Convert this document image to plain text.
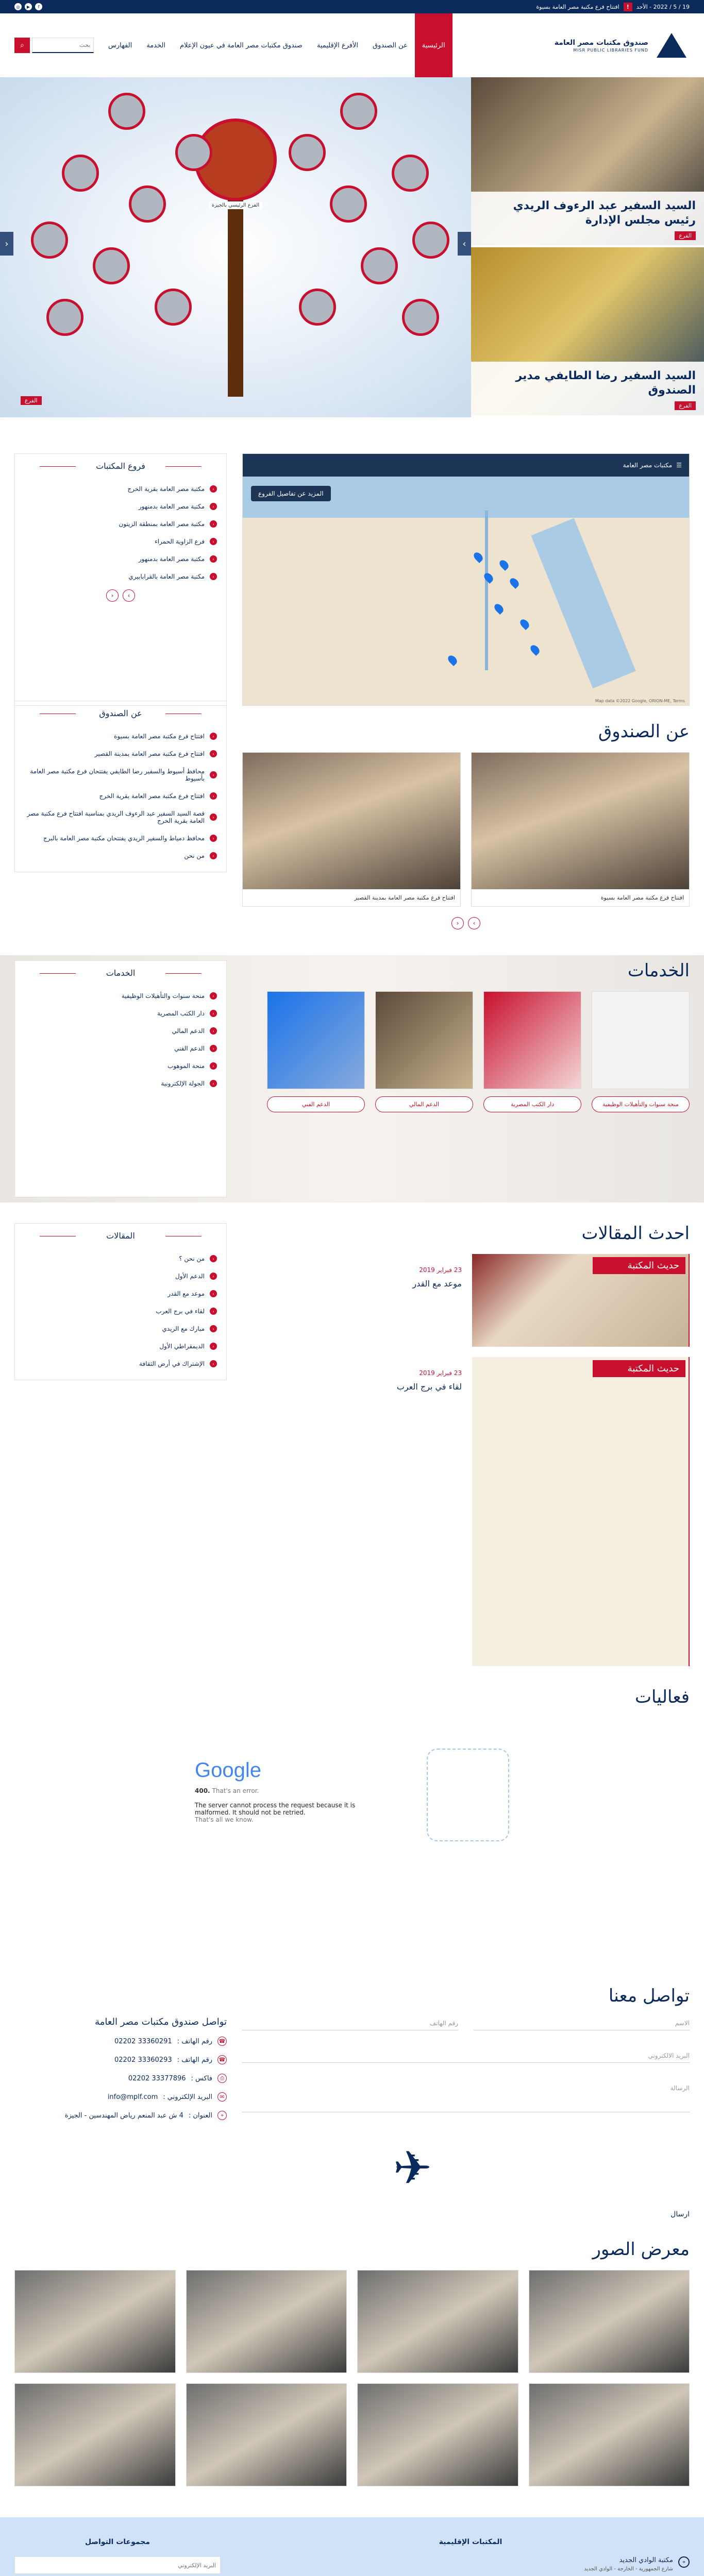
19 / 5 / 2022 - الأحد
!
افتتاح فرع مكتبة مصر العامة بسيوة
f
▶
◎
صندوق مكتبات مصر العامة
MISR PUBLIC LIBRARIES FUND
الرئيسية
عن الصندوق
الأفرع الإقليمية
صندوق مكتبات مصر العامة في عيون الإعلام
الخدمة
الفهارس
بحث
⌕
السيد السفير عبد الرءوف الريدي رئيس مجلس الإدارة
الفرع
السيد السفير رضا الطايفي مدير الصندوق
الفرع
الفرع الرئيسي بالجيزة
›
‹
الفرع
☰
مكتبات مصر العامة
المزيد عن تفاصيل الفروع
Map data ©2022 Google, ORION-ME, Terms
فروع المكتبات
‹
مكتبة مصر العامة بقرية الخرج
‹
مكتبة مصر العامة بدمنهور
‹
مكتبة مصر العامة بمنطقة الزيتون
‹
فرع الزاوية الحمراء
‹
مكتبة مصر العامة بدمنهور
‹
مكتبة مصر العامة بالقرابابيري
›
‹
عن الصندوق
افتتاح فرع مكتبة مصر العامة بسيوة
افتتاح فرع مكتبة مصر العامة بمدينة القصير
›
‹
عن الصندوق
‹
افتتاح فرع مكتبة مصر العامة بسيوة
‹
افتتاح فرع مكتبة مصر العامة بمدينة القصير
‹
محافظ أسيوط والسفير رضا الطايفي يفتتحان فرع مكتبة مصر العامة بأسيوط
‹
افتتاح فرع مكتبة مصر العامة بقرية الخرج
‹
قصة السيد السفير عبد الرءوف الريدي بمناسبة افتتاح فرع مكتبة مصر العامة بقرية الخرج
‹
محافظ دمياط والسفير الريدي يفتتحان مكتبة مصر العامة بالبرج
‹
من نحن
الخدمات
منحة سنوات والتأهيلات الوظيفية
دار الكتب المصرية
الدعم المالي
الدعم الفني
الخدمات
‹
منحة سنوات والتأهيلات الوظيفية
‹
دار الكتب المصرية
‹
الدعم المالي
‹
الدعم الفني
‹
منحة الموهوب
‹
الجولة الإلكترونية
احدث المقالات
حديث المكتبة
23 فبراير 2019
موعد مع القدر
حديث المكتبة
23 فبراير 2019
لقاء في برج العرب
المقالات
‹
من نحن ؟
‹
الدعم الأول
‹
موعد مع القدر
‹
لقاء في برج العرب
‹
مبارك مع الريدي
‹
الديمقراطي الأول
‹
الإشتراك في أرض الثقافة
فعاليات
Google
400. That's an error.
The server cannot process the request because it is malformed. It should not be retried.
That's all we know.
تواصل معنا
الاسم
رقم الهاتف
البريد الالكتروني
الرسالة
✈
ارسال
تواصل صندوق مكتبات مصر العامة
☎
رقم الهاتف :
33360291 02202
☎
رقم الهاتف :
33360293 02202
⎙
فاكس :
33377896 02202
✉
البريد الإلكتروني :
info@mplf.com
⌖
العنوان :
4 ش عبد المنعم رياض المهندسين - الجيزة
معرض الصور
المكتبات الإقليمية
⌖
مكتبة الوادي الجديد
شارع الجمهورية - الخارجة - الوادي الجديد
مجموعات التواصل
البريد الإلكتروني
